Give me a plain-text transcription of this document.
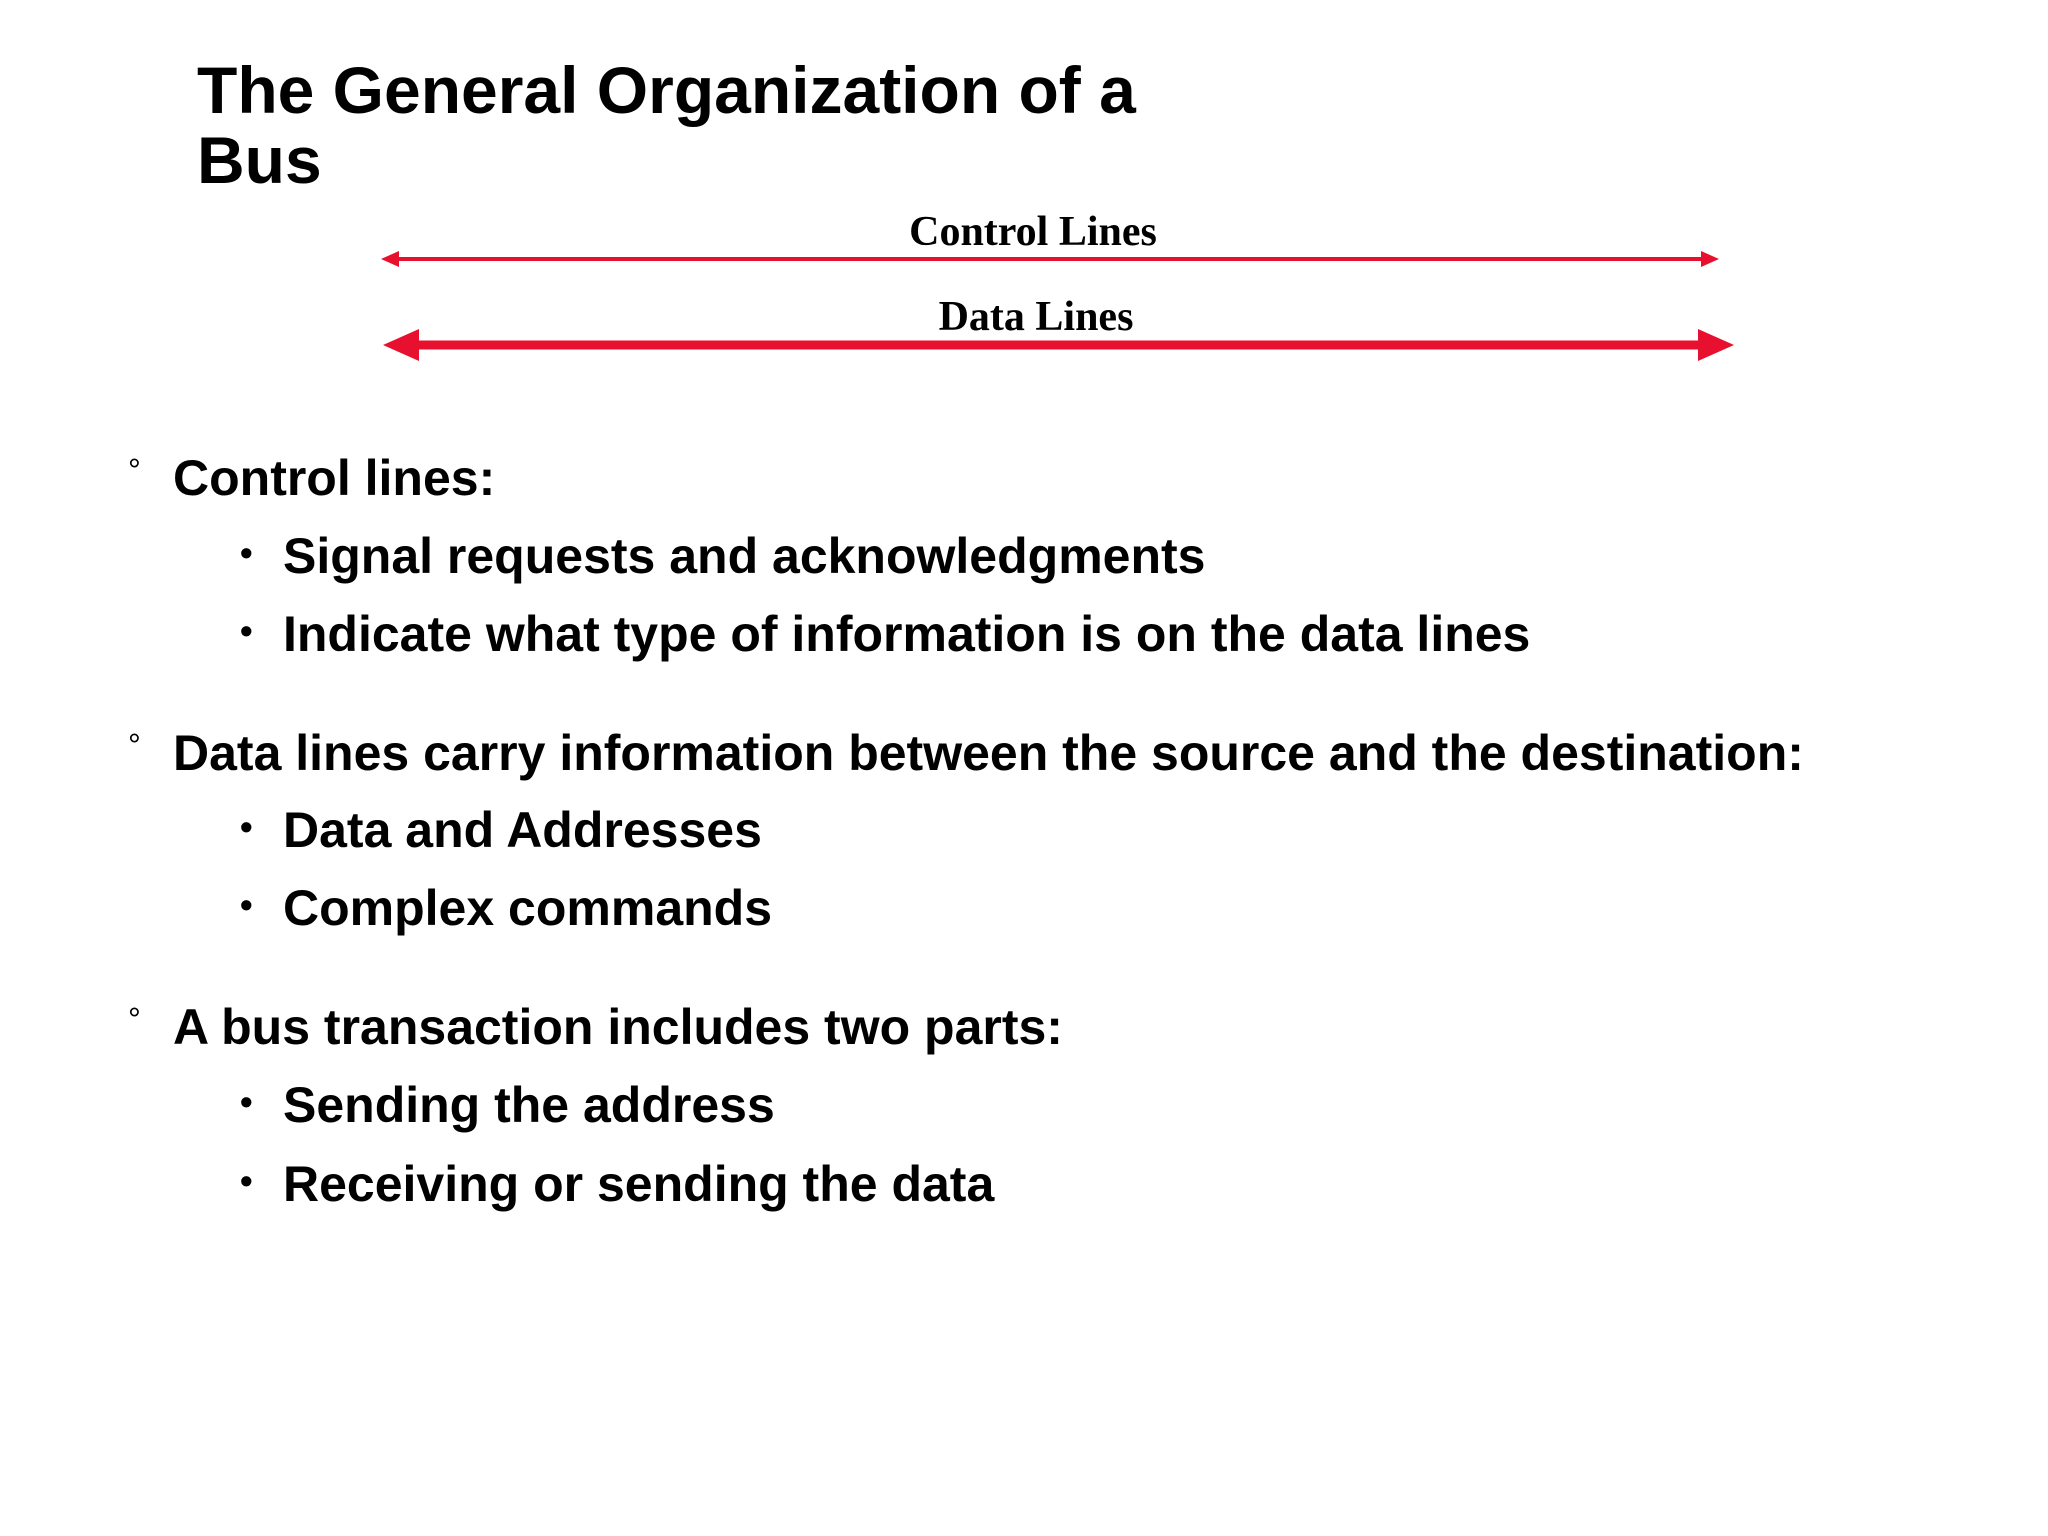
The General Organization of a
Bus
Control Lines
Data Lines
° Control lines:
• Signal requests and acknowledgments
• Indicate what type of information is on the data lines
° Data lines carry information between the source and the destination:
• Data and Addresses
• Complex commands
° A bus transaction includes two parts:
• Sending the address
• Receiving or sending the data
